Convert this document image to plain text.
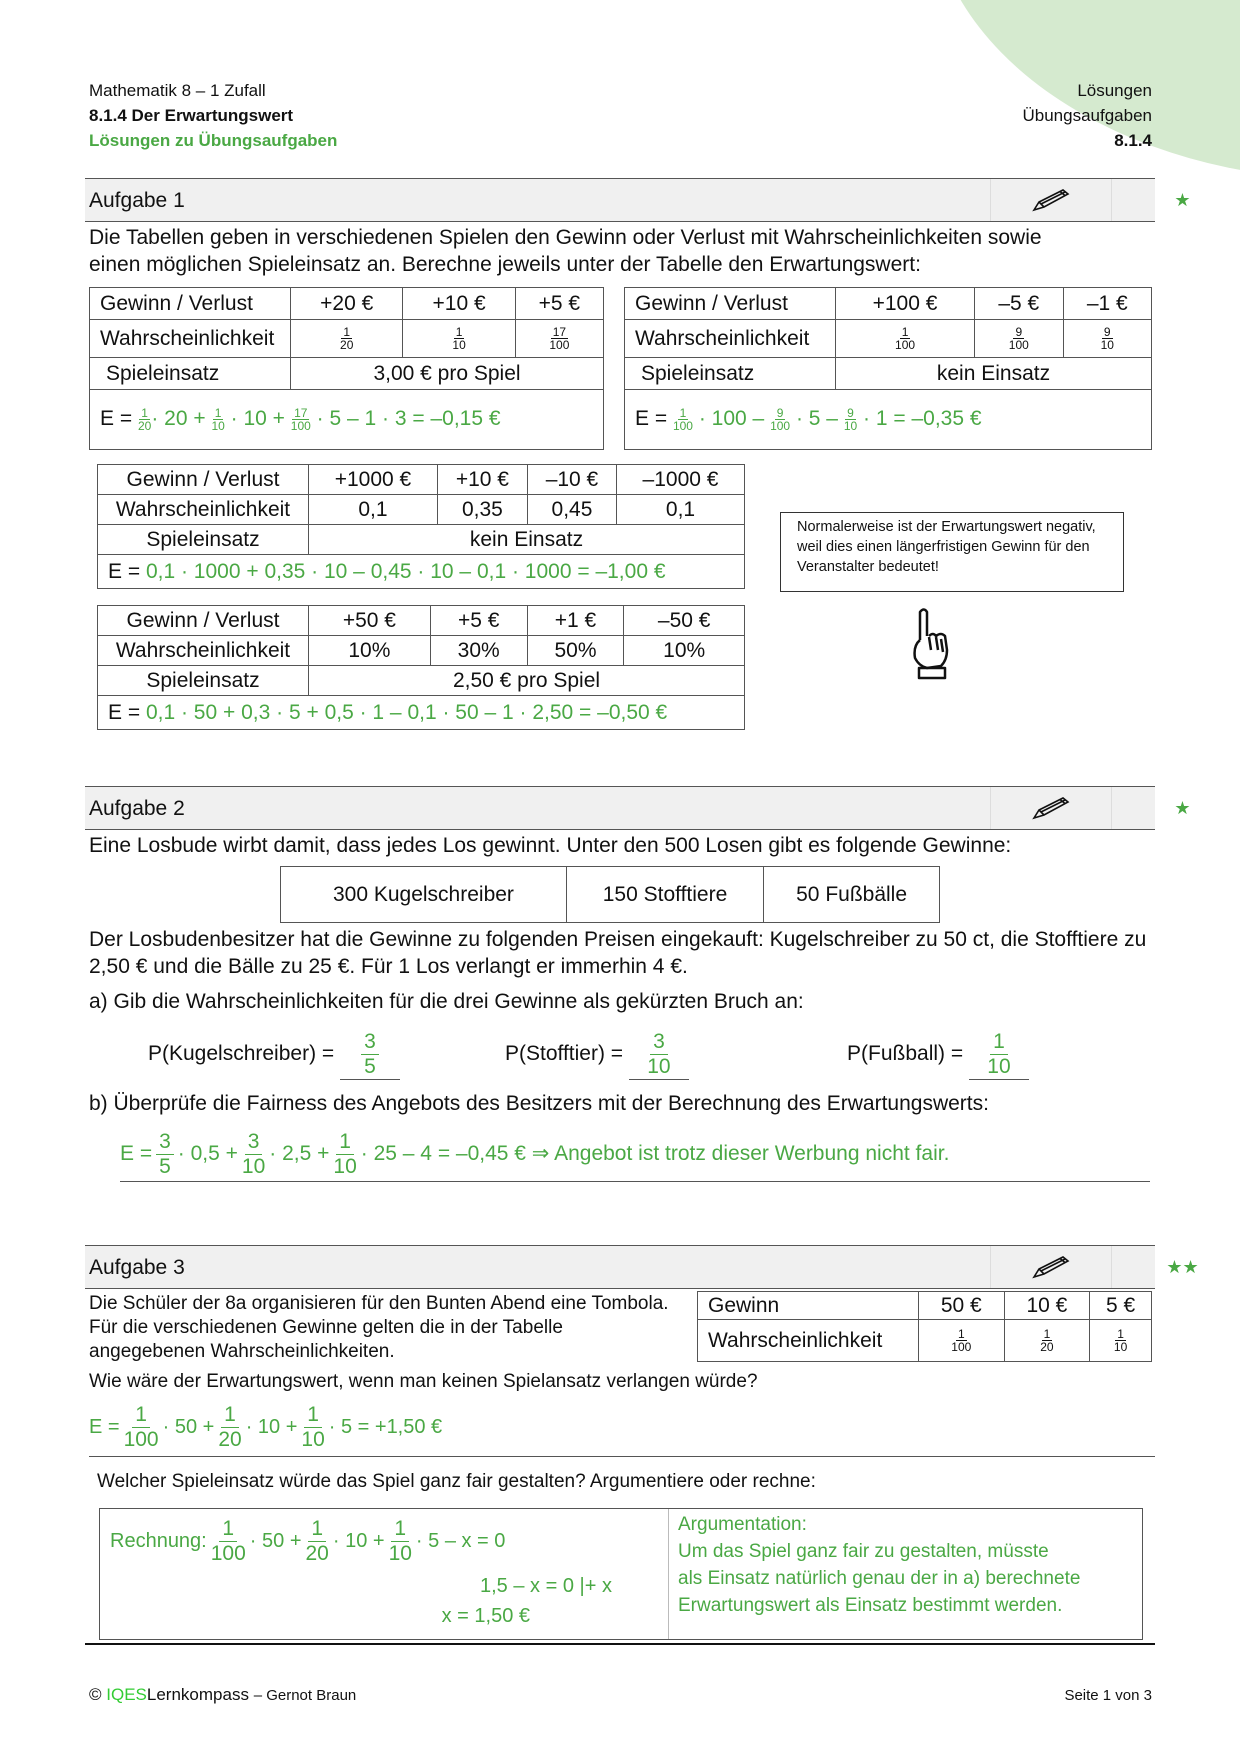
Mathematik 8 – 1 Zufall
8.1.4 Der Erwartungswert
Lösungen zu Übungsaufgaben
Lösungen
Übungsaufgaben
8.1.4
Aufgabe 1	★
Die Tabellen geben in verschiedenen Spielen den Gewinn oder Verlust mit Wahrscheinlichkeiten sowie einen möglichen Spieleinsatz an. Berechne jeweils unter der Tabelle den Erwartungswert:
Gewinn / Verlust	+20 €	+10 €	+5 €
Wahrscheinlichkeit	$\frac{1}{20}$	$\frac{1}{10}$	$\frac{17}{100}$

Spieleinsatz	3,00 € pro Spiel		
$E = \frac{1}{20} \cdot 20 + \frac{1}{10} \cdot 10 + \frac{17}{100} \cdot 5 - 1 \cdot 3 = -0,15$ €
Gewinn / Verlust	+100 €	–5 €	–1 €
Wahrscheinlichkeit	$\frac{1}{100}$	$\frac{9}{100}$	$\frac{9}{10}$

Spieleinsatz	kein Einsatz		
$E = \frac{1}{100} \cdot 100 - \frac{9}{100} \cdot 5 - \frac{9}{10} \cdot 1 = -0,35$ €
Gewinn / Verlust	+1000 €	+10 €	–10 €	–1000 €
Wahrscheinlichkeit	0,1	0,35	0,45	0,1
Spieleinsatz	kein Einsatz			
E = 0,1 · 1000 + 0,35 · 10 – 0,45 · 10 – 0,1 · 1000 = –1,00 €				
Normalerweise ist der Erwartungswert negativ, weil dies einen längerfristigen Gewinn für den Veranstalter bedeutet!
Gewinn / Verlust	+50 €	+5 €	+1 €	–50 €
Wahrscheinlichkeit	10%	30%	50%	10%
Spieleinsatz	2,50 € pro Spiel			
E = 0,1 · 50 + 0,3 · 5 + 0,5 · 1 – 0,1 · 50 – 1 · 2,50 = –0,50 €				
Aufgabe 2	★
Eine Losbude wirbt damit, dass jedes Los gewinnt. Unter den 500 Losen gibt es folgende Gewinne:
300 Kugelschreiber	150 Stofftiere	50 Fußbälle
Der Losbudenbesitzer hat die Gewinne zu folgenden Preisen eingekauft: Kugelschreiber zu 50 ct, die Stofftiere zu 2,50 € und die Bälle zu 25 €. Für 1 Los verlangt er immerhin 4 €.
a) Gib die Wahrscheinlichkeiten für die drei Gewinne als gekürzten Bruch an:
P(Kugelschreiber) = $\frac{3}{5}$	P(Stofftier) = $\frac{3}{10}$	P(Fußball) = $\frac{1}{10}$
b) Überprüfe die Fairness des Angebots des Besitzers mit der Berechnung des Erwartungswerts:
$E = \frac{3}{5} \cdot 0,5 + \frac{3}{10} \cdot 2,5 + \frac{1}{10} \cdot 25 - 4 = -0,45$ € ⇒ Angebot ist trotz dieser Werbung nicht fair.
Aufgabe 3	★★
Die Schüler der 8a organisieren für den Bunten Abend eine Tombola. Für die verschiedenen Gewinne gelten die in der Tabelle angegebenen Wahrscheinlichkeiten.
Gewinn	50 €	10 €	5 €
Wahrscheinlichkeit	$\frac{1}{100}$	$\frac{1}{20}$	$\frac{1}{10}$
Wie wäre der Erwartungswert, wenn man keinen Spielansatz verlangen würde?
$E = \frac{1}{100} \cdot 50 + \frac{1}{20} \cdot 10 + \frac{1}{10} \cdot 5 = +1,50$ €
Welcher Spieleinsatz würde das Spiel ganz fair gestalten? Argumentiere oder rechne:
Rechnung: $\frac{1}{100} \cdot 50 + \frac{1}{20} \cdot 10 + \frac{1}{10} \cdot 5 - x = 0$
1,5 – x = 0 |+ x
x = 1,50 €
Argumentation:
Um das Spiel ganz fair zu gestalten, müsste
als Einsatz natürlich genau der in a) berechnete
Erwartungswert als Einsatz bestimmt werden.
© IQESLernkompass – Gernot Braun	Seite 1 von 3
